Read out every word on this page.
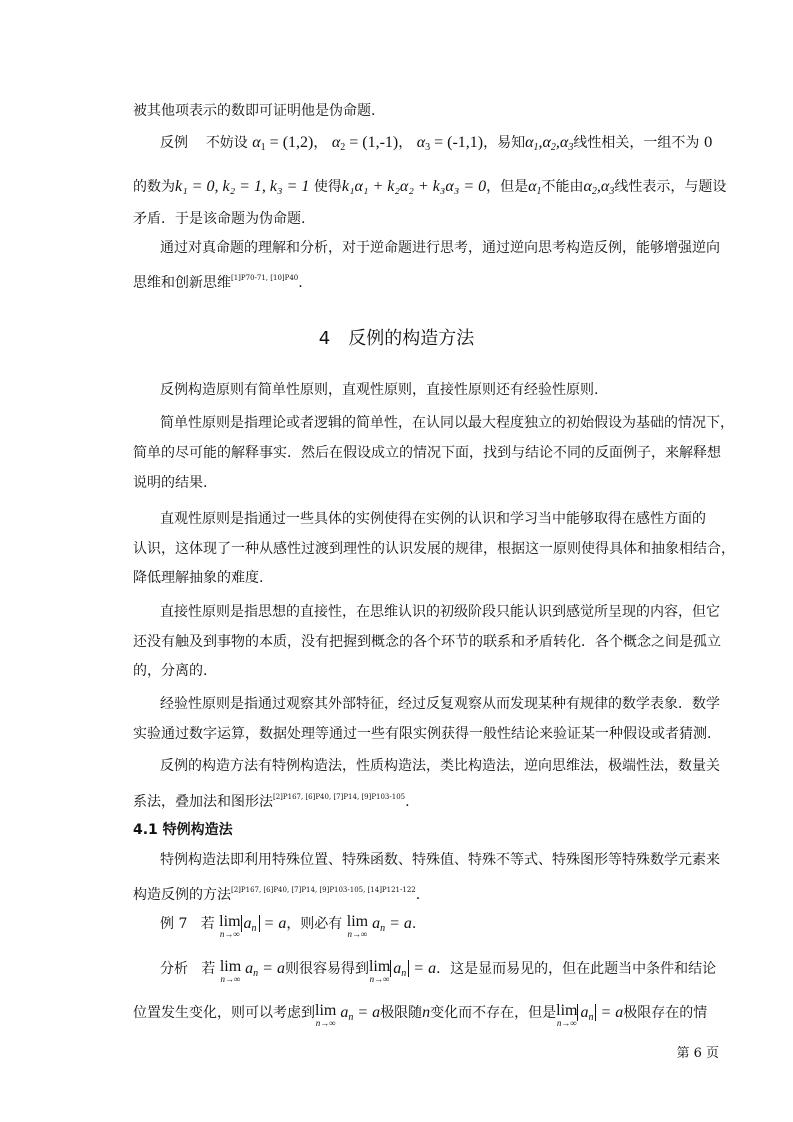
被其他项表示的数即可证明他是伪命题.
反例 不妨设 $\alpha_1 = (1,2)$， $\alpha_2 = (1,-1)$， $\alpha_3 = (-1,1)$，易知$\alpha_1,\alpha_2,\alpha_3$线性相关，一组不为 0
的数为k₁ = 0, k₂ = 1, k₃ = 1 使得k₁α₁ + k₂α₂ + k₃α₃ = 0，但是$\alpha_1$不能由$\alpha_2,\alpha_3$线性表示，与题设
矛盾．于是该命题为伪命题.
通过对真命题的理解和分析，对于逆命题进行思考，通过逆向思考构造反例，能够增强逆向
思维和创新思维$^{[1]P70-71, [10]P40}$.
4　反例的构造方法
反例构造原则有简单性原则，直观性原则，直接性原则还有经验性原则.
简单性原则是指理论或者逻辑的简单性，在认同以最大程度独立的初始假设为基础的情况下，
简单的尽可能的解释事实．然后在假设成立的情况下面，找到与结论不同的反面例子，来解释想
说明的结果.
直观性原则是指通过一些具体的实例使得在实例的认识和学习当中能够取得在感性方面的
认识，这体现了一种从感性过渡到理性的认识发展的规律，根据这一原则使得具体和抽象相结合，
降低理解抽象的难度.
直接性原则是指思想的直接性，在思维认识的初级阶段只能认识到感觉所呈现的内容，但它
还没有触及到事物的本质，没有把握到概念的各个环节的联系和矛盾转化．各个概念之间是孤立
的，分离的.
经验性原则是指通过观察其外部特征，经过反复观察从而发现某种有规律的数学表象．数学
实验通过数字运算，数据处理等通过一些有限实例获得一般性结论来验证某一种假设或者猜测.
反例的构造方法有特例构造法，性质构造法，类比构造法，逆向思维法，极端性法，数量关
系法，叠加法和图形法$^{[2]P167, [6]P40, [7]P14, [9]P103-105}$.
4.1 特例构造法
特例构造法即利用特殊位置、特殊函数、特殊值、特殊不等式、特殊图形等特殊数学元素来
构造反例的方法$^{[2]P167, [6]P40, [7]P14, [9]P103-105, [14]P121-122}$.
例 7 若 lim
n→∞
$a_n = a$，则必有 lim
n→∞
$a_n = a$.
分析 若 lim
n→∞
$a_n = a$则很容易得到lim
n→∞
$a_n = a$．这是显而易见的，但在此题当中条件和结论
位置发生变化，则可以考虑到lim
n→∞
$a_n = a$极限随n变化而不存在，但是lim
n→∞
$a_n = a$极限存在的情
第 6 页
